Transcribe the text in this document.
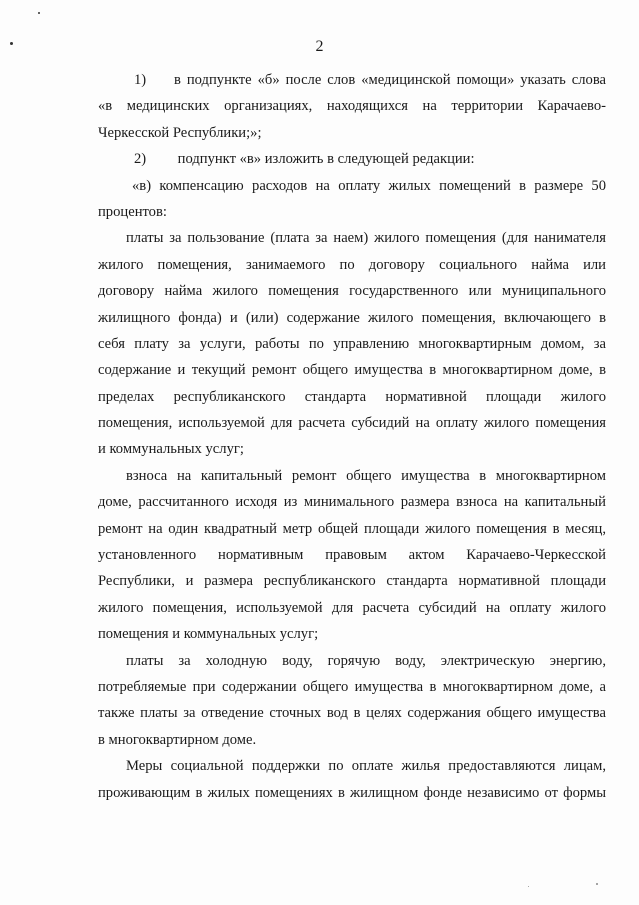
2
1)	в подпункте «б» после слов «медицинской помощи» указать слова
«в медицинских организациях, находящихся на территории Карачаево-
Черкесской Республики;»;
2) подпункт «в» изложить в следующей редакции:
«в) компенсацию расходов на оплату жилых помещений в размере 50
процентов:
платы за пользование (плата за наем) жилого помещения (для нанимателя
жилого помещения, занимаемого по договору социального найма или
договору найма жилого помещения государственного или муниципального
жилищного фонда) и (или) содержание жилого помещения, включающего в
себя плату за услуги, работы по управлению многоквартирным домом, за
содержание и текущий ремонт общего имущества в многоквартирном доме, в
пределах республиканского стандарта нормативной площади жилого
помещения, используемой для расчета субсидий на оплату жилого помещения
и коммунальных услуг;
взноса на капитальный ремонт общего имущества в многоквартирном
доме, рассчитанного исходя из минимального размера взноса на капитальный
ремонт на один квадратный метр общей площади жилого помещения в месяц,
установленного нормативным правовым актом Карачаево-Черкесской
Республики, и размера республиканского стандарта нормативной площади
жилого помещения, используемой для расчета субсидий на оплату жилого
помещения и коммунальных услуг;
платы за холодную воду, горячую воду, электрическую энергию,
потребляемые при содержании общего имущества в многоквартирном доме, а
также платы за отведение сточных вод в целях содержания общего имущества
в многоквартирном доме.
Меры социальной поддержки по оплате жилья предоставляются лицам,
проживающим в жилых помещениях в жилищном фонде независимо от формы
